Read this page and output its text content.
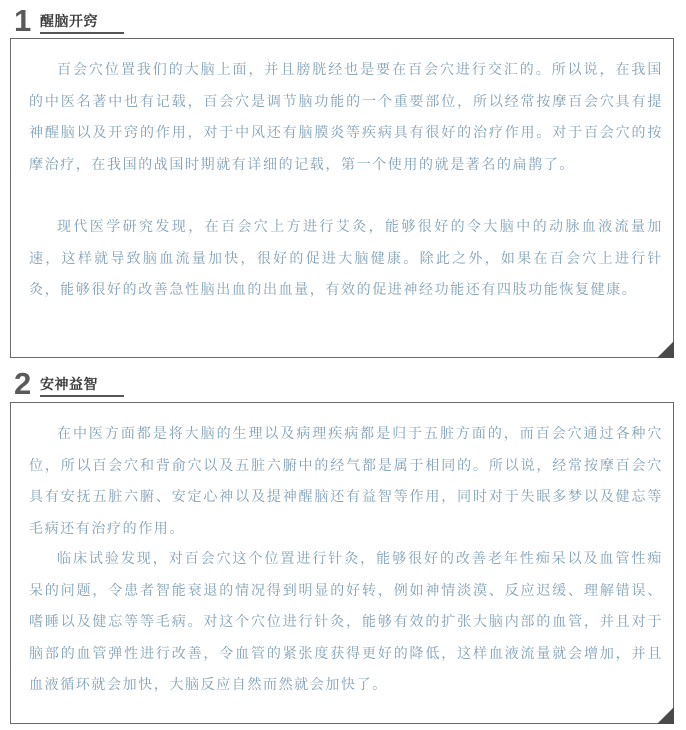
1 醒脑开窍

百会穴位置我们的大脑上面，并且膀胱经也是要在百会穴进行交汇的。所以说，在我国的中医名著中也有记载，百会穴是调节脑功能的一个重要部位，所以经常按摩百会穴具有提神醒脑以及开窍的作用，对于中风还有脑膜炎等疾病具有很好的治疗作用。对于百会穴的按摩治疗，在我国的战国时期就有详细的记载，第一个使用的就是著名的扁鹊了。

现代医学研究发现，在百会穴上方进行艾灸，能够很好的令大脑中的动脉血液流量加速，这样就导致脑血流量加快，很好的促进大脑健康。除此之外，如果在百会穴上进行针灸，能够很好的改善急性脑出血的出血量，有效的促进神经功能还有四肢功能恢复健康。

2 安神益智

在中医方面都是将大脑的生理以及病理疾病都是归于五脏方面的，而百会穴通过各种穴位，所以百会穴和背俞穴以及五脏六腑中的经气都是属于相同的。所以说，经常按摩百会穴具有安抚五脏六腑、安定心神以及提神醒脑还有益智等作用，同时对于失眠多梦以及健忘等毛病还有治疗的作用。

临床试验发现，对百会穴这个位置进行针灸，能够很好的改善老年性痴呆以及血管性痴呆的问题，令患者智能衰退的情况得到明显的好转，例如神情淡漠、反应迟缓、理解错误、嗜睡以及健忘等等毛病。对这个穴位进行针灸，能够有效的扩张大脑内部的血管，并且对于脑部的血管弹性进行改善，令血管的紧张度获得更好的降低，这样血液流量就会增加，并且血液循环就会加快，大脑反应自然而然就会加快了。
